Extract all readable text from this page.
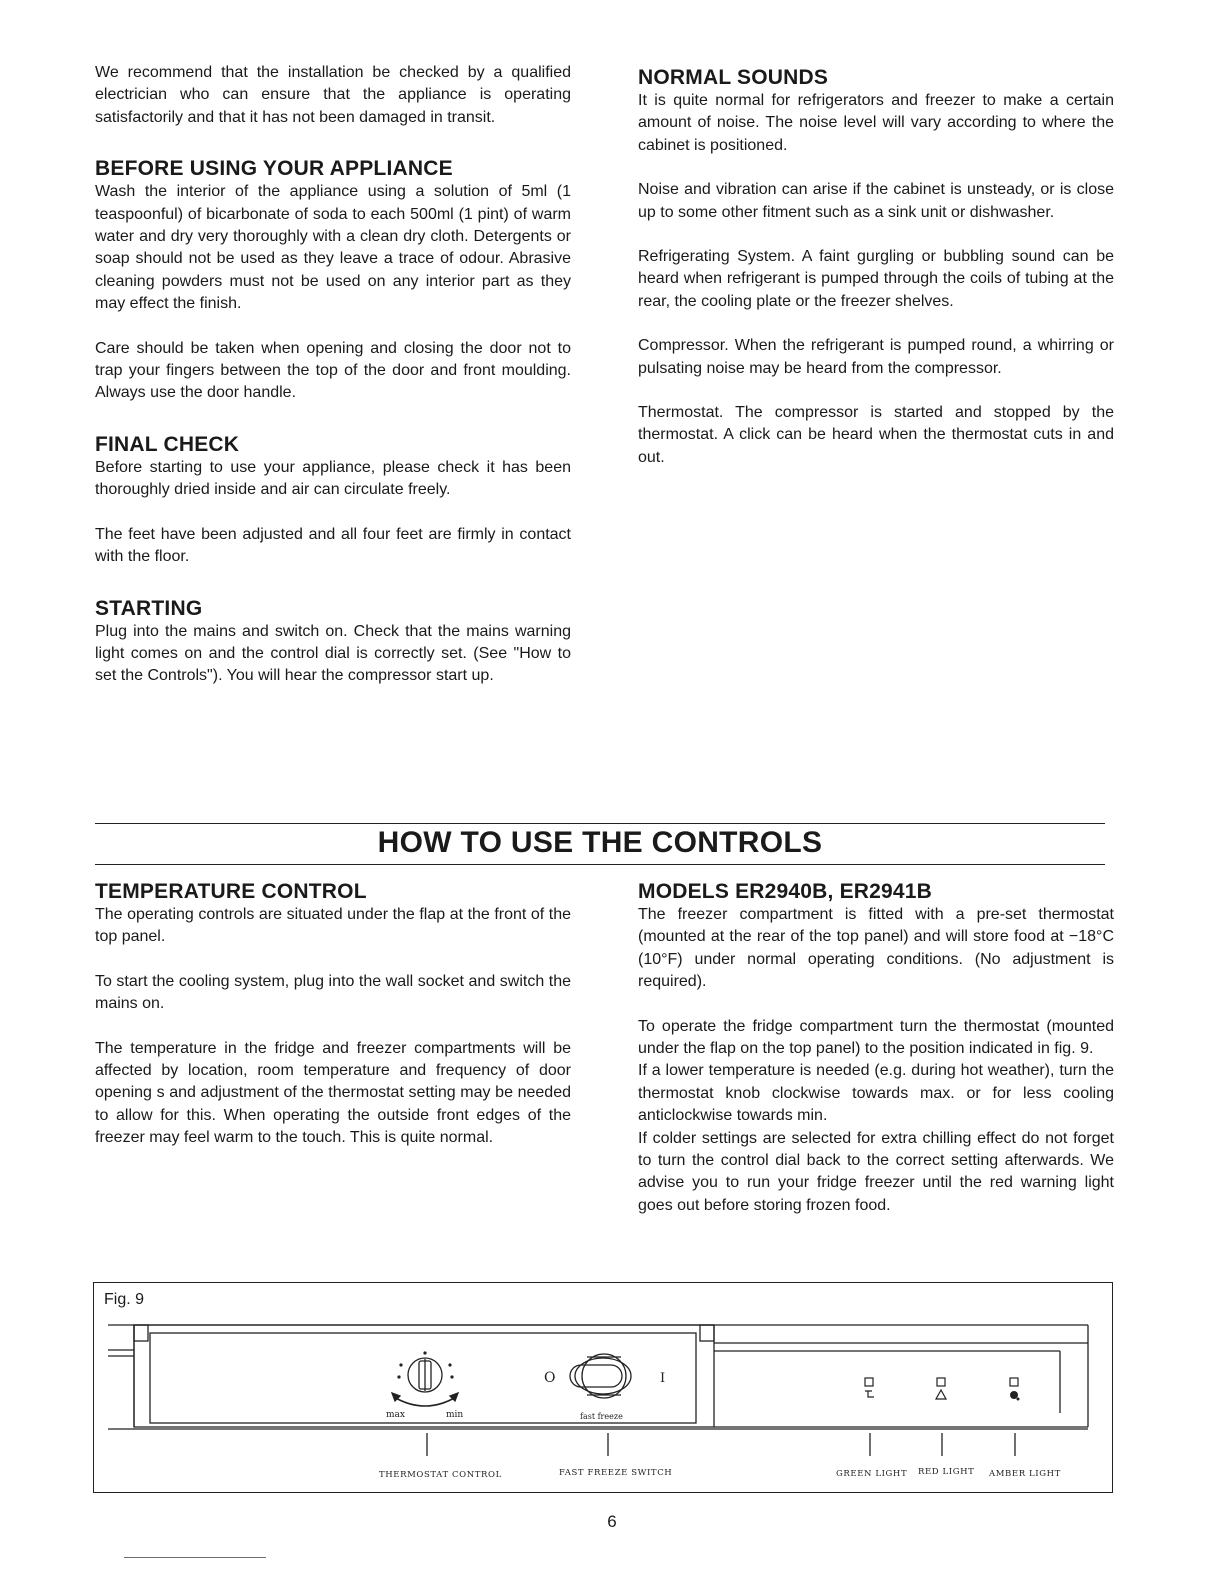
We recommend that the installation be checked by a qualified electrician who can ensure that the appliance is operating satisfactorily and that it has not been damaged in transit.

BEFORE USING YOUR APPLIANCE

Wash the interior of the appliance using a solution of 5ml (1 teaspoonful) of bicarbonate of soda to each 500ml (1 pint) of warm water and dry very thoroughly with a clean dry cloth. Detergents or soap should not be used as they leave a trace of odour. Abrasive cleaning powders must not be used on any interior part as they may effect the finish.

Care should be taken when opening and closing the door not to trap your fingers between the top of the door and front moulding. Always use the door handle.

FINAL CHECK

Before starting to use your appliance, please check it has been thoroughly dried inside and air can circulate freely.

The feet have been adjusted and all four feet are firmly in contact with the floor.

STARTING

Plug into the mains and switch on. Check that the mains warning light comes on and the control dial is correctly set. (See "How to set the Controls"). You will hear the compressor start up.

NORMAL SOUNDS

It is quite normal for refrigerators and freezer to make a certain amount of noise. The noise level will vary according to where the cabinet is positioned.

Noise and vibration can arise if the cabinet is unsteady, or is close up to some other fitment such as a sink unit or dishwasher.

Refrigerating System. A faint gurgling or bubbling sound can be heard when refrigerant is pumped through the coils of tubing at the rear, the cooling plate or the freezer shelves.

Compressor. When the refrigerant is pumped round, a whirring or pulsating noise may be heard from the compressor.

Thermostat. The compressor is started and stopped by the thermostat. A click can be heard when the thermostat cuts in and out.

HOW TO USE THE CONTROLS
TEMPERATURE CONTROL

The operating controls are situated under the flap at the front of the top panel.

To start the cooling system, plug into the wall socket and switch the mains on.

The temperature in the fridge and freezer compartments will be affected by location, room temperature and frequency of door opening s and adjustment of the thermostat setting may be needed to allow for this. When operating the outside front edges of the freezer may feel warm to the touch. This is quite normal.

MODELS ER2940B, ER2941B

The freezer compartment is fitted with a pre-set thermostat (mounted at the rear of the top panel) and will store food at −18°C (10°F) under normal operating conditions. (No adjustment is required).

To operate the fridge compartment turn the thermostat (mounted under the flap on the top panel) to the position indicated in fig. 9.

If a lower temperature is needed (e.g. during hot weather), turn the thermostat knob clockwise towards max. or for less cooling anticlockwise towards min.

If colder settings are selected for extra chilling effect do not forget to turn the control dial back to the correct setting afterwards. We advise you to run your fridge freezer until the red warning light goes out before storing frozen food.

Fig. 9
max	min
O	I
fast freeze
THERMOSTAT CONTROL	FAST FREEZE SWITCH	GREEN LIGHT RED LIGHT AMBER LIGHT
6
